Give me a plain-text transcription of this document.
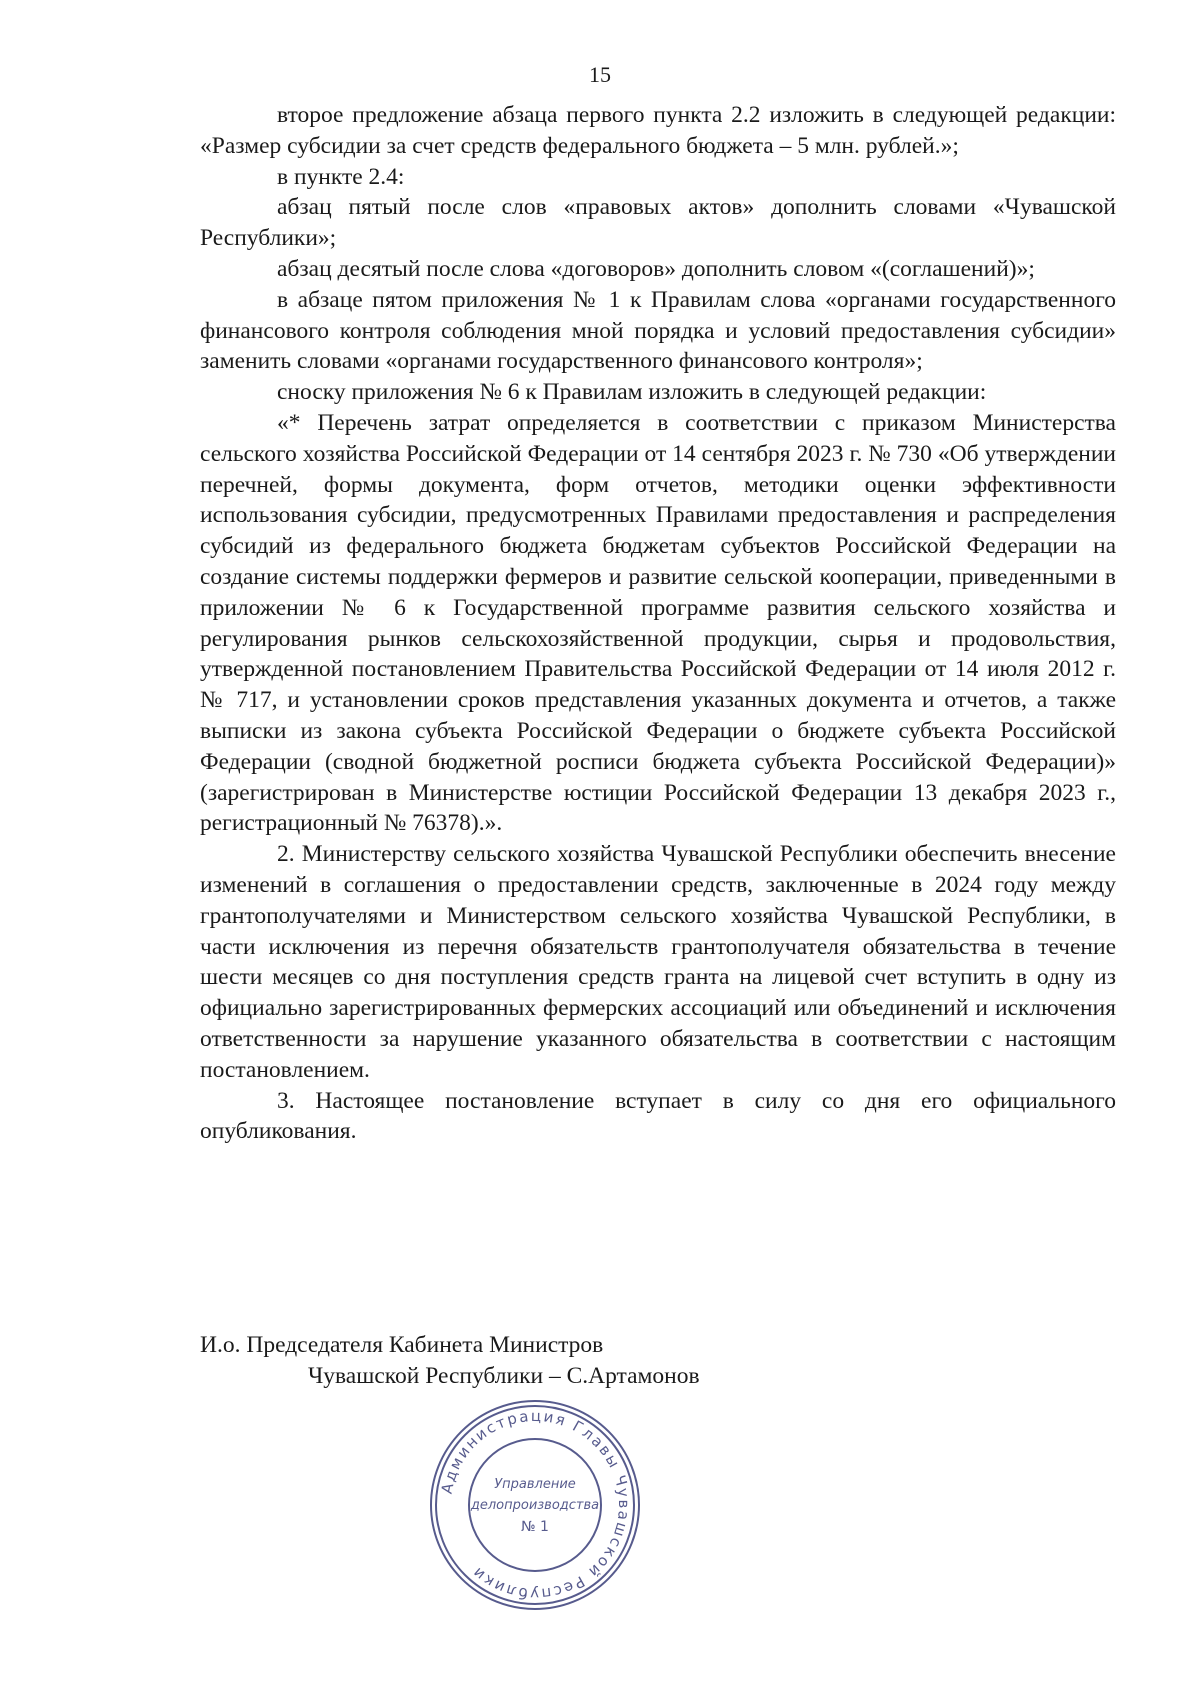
15

второе предложение абзаца первого пункта 2.2 изложить в следующей редакции: «Размер субсидии за счет средств федерального бюджета – 5 млн. рублей.»;

в пункте 2.4:

абзац пятый после слов «правовых актов» дополнить словами «Чувашской Республики»;

абзац десятый после слова «договоров» дополнить словом «(соглашений)»;

в абзаце пятом приложения № 1 к Правилам слова «органами государственного финансового контроля соблюдения мной порядка и условий предоставления субсидии» заменить словами «органами государственного финансового контроля»;

сноску приложения № 6 к Правилам изложить в следующей редакции:

«* Перечень затрат определяется в соответствии с приказом Министерства сельского хозяйства Российской Федерации от 14 сентября 2023 г. № 730 «Об утверждении перечней, формы документа, форм отчетов, методики оценки эффективности использования субсидии, предусмотренных Правилами предоставления и распределения субсидий из федерального бюджета бюджетам субъектов Российской Федерации на создание системы поддержки фермеров и развитие сельской кооперации, приведенными в приложении № 6 к Государственной программе развития сельского хозяйства и регулирования рынков сельскохозяйственной продукции, сырья и продовольствия, утвержденной постановлением Правительства Российской Федерации от 14 июля 2012 г. № 717, и установлении сроков представления указанных документа и отчетов, а также выписки из закона субъекта Российской Федерации о бюджете субъекта Российской Федерации (сводной бюджетной росписи бюджета субъекта Российской Федерации)» (зарегистрирован в Министерстве юстиции Российской Федерации 13 декабря 2023 г., регистрационный № 76378).».

2. Министерству сельского хозяйства Чувашской Республики обеспечить внесение изменений в соглашения о предоставлении средств, заключенные в 2024 году между грантополучателями и Министерством сельского хозяйства Чувашской Республики, в части исключения из перечня обязательств грантополучателя обязательства в течение шести месяцев со дня поступления средств гранта на лицевой счет вступить в одну из официально зарегистрированных фермерских ассоциаций или объединений и исключения ответственности за нарушение указанного обязательства в соответствии с настоящим постановлением.

3. Настоящее постановление вступает в силу со дня его официального опубликования.

И.о. Председателя Кабинета Министров
Чувашской Республики – С.Артамонов
Администрация Главы Чувашской Республики
Управление
делопроизводства
№ 1
